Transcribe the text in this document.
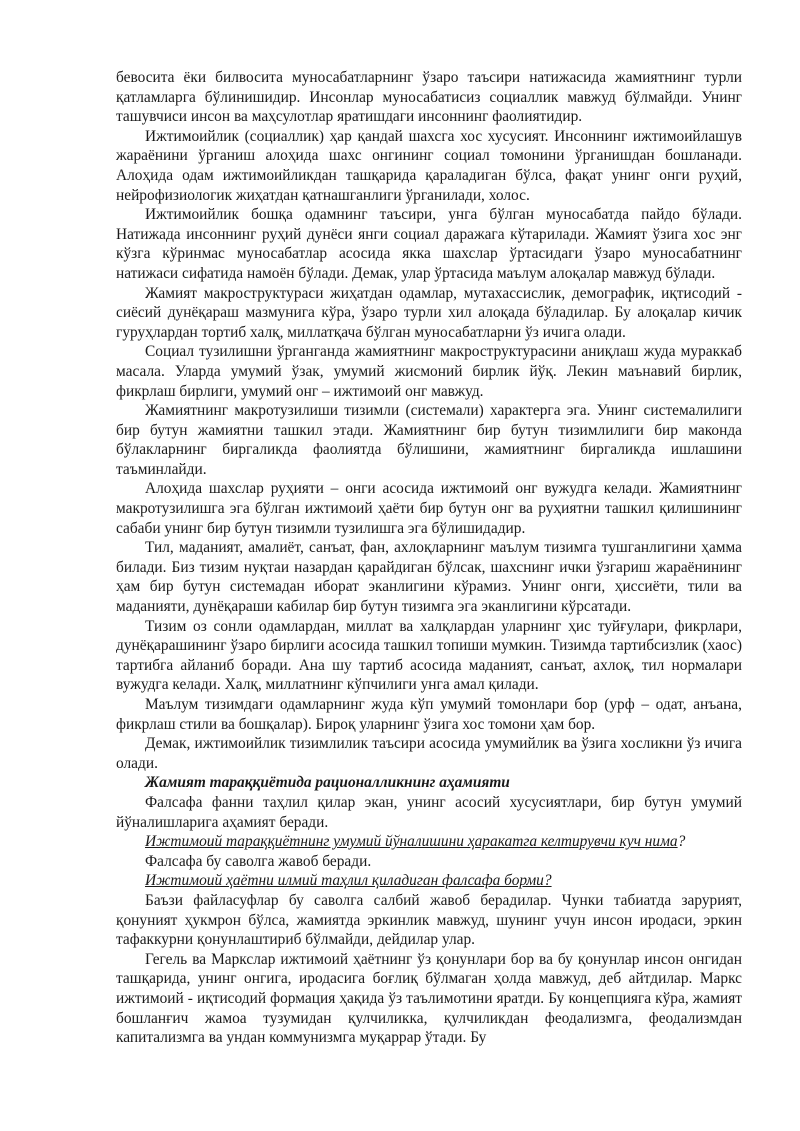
бевосита ёки билвосита муносабатларнинг ўзаро таъсири натижасида жамиятнинг турли қатламларга бўлинишидир. Инсонлар муносабатисиз социаллик мавжуд бўлмайди. Унинг ташувчиси инсон ва маҳсулотлар яратишдаги инсоннинг фаолиятидир.

Ижтимоийлик (социаллик) ҳар қандай шахсга хос хусусият. Инсоннинг ижтимоийлашув жараёнини ўрганиш алоҳида шахс онгининг социал томонини ўрганишдан бошланади. Алоҳида одам ижтимоийликдан ташқарида қараладиган бўлса, фақат унинг онги руҳий, нейрофизиологик жиҳатдан қатнашганлиги ўрганилади, холос.

Ижтимоийлик бошқа одамнинг таъсири, унга бўлган муносабатда пайдо бўлади. Натижада инсоннинг руҳий дунёси янги социал даражага кўтарилади. Жамият ўзига хос энг кўзга кўринмас муносабатлар асосида якка шахслар ўртасидаги ўзаро муносабатнинг натижаси сифатида намоён бўлади. Демак, улар ўртасида маълум алоқалар мавжуд бўлади.

Жамият макроструктураси жиҳатдан одамлар, мутахассислик, демографик, иқтисодий - сиёсий дунёқараш мазмунига кўра, ўзаро турли хил алоқада бўладилар. Бу алоқалар кичик гуруҳлардан тортиб халқ, миллатқача бўлган муносабатларни ўз ичига олади.

Социал тузилишни ўрганганда жамиятнинг макроструктурасини аниқлаш жуда мураккаб масала. Уларда умумий ўзак, умумий жисмоний бирлик йўқ. Лекин маънавий бирлик, фикрлаш бирлиги, умумий онг – ижтимоий онг мавжуд.

Жамиятнинг макротузилиши тизимли (системали) характерга эга. Унинг системалилиги бир бутун жамиятни ташкил этади. Жамиятнинг бир бутун тизимлилиги бир маконда бўлакларнинг биргаликда фаолиятда бўлишини, жамиятнинг биргаликда ишлашини таъминлайди.

Алоҳида шахслар руҳияти – онги асосида ижтимоий онг вужудга келади. Жамиятнинг макротузилишга эга бўлган ижтимоий ҳаёти бир бутун онг ва руҳиятни ташкил қилишининг сабаби унинг бир бутун тизимли тузилишга эга бўлишидадир.

Тил, маданият, амалиёт, санъат, фан, ахлоқларнинг маълум тизимга тушганлигини ҳамма билади. Биз тизим нуқтаи назардан қарайдиган бўлсак, шахснинг ички ўзгариш жараёнининг ҳам бир бутун системадан иборат эканлигини кўрамиз. Унинг онги, ҳиссиёти, тили ва маданияти, дунёқараши кабилар бир бутун тизимга эга эканлигини кўрсатади.

Тизим оз сонли одамлардан, миллат ва халқлардан уларнинг ҳис туйғулари, фикрлари, дунёқарашининг ўзаро бирлиги асосида ташкил топиши мумкин. Тизимда тартибсизлик (хаос) тартибга айланиб боради. Ана шу тартиб асосида маданият, санъат, ахлоқ, тил нормалари вужудга келади. Халқ, миллатнинг кўпчилиги унга амал қилади.

Маълум тизимдаги одамларнинг жуда кўп умумий томонлари бор (урф – одат, анъана, фикрлаш стили ва бошқалар). Бироқ уларнинг ўзига хос томони ҳам бор.

Демак, ижтимоийлик тизимлилик таъсири асосида умумийлик ва ўзига хосликни ўз ичига олади.

Жамият тараққиётида рационалликнинг аҳамияти

Фалсафа фанни таҳлил қилар экан, унинг асосий хусусиятлари, бир бутун умумий йўналишларига аҳамият беради.

Ижтимоий тараққиётнинг умумий йўналишини ҳаракатга келтирувчи куч нима?

Фалсафа бу саволга жавоб беради.

Ижтимоий ҳаётни илмий таҳлил қиладиган фалсафа борми?

Баъзи файласуфлар бу саволга салбий жавоб берадилар. Чунки табиатда зарурият, қонуният ҳукмрон бўлса, жамиятда эркинлик мавжуд, шунинг учун инсон иродаси, эркин тафаккурни қонунлаштириб бўлмайди, дейдилар улар.

Гегель ва Маркслар ижтимоий ҳаётнинг ўз қонунлари бор ва бу қонунлар инсон онгидан ташқарида, унинг онгига, иродасига боғлиқ бўлмаган ҳолда мавжуд, деб айтдилар. Маркс ижтимоий - иқтисодий формация ҳақида ўз таълимотини яратди. Бу концепцияга кўра, жамият бошланғич жамоа тузумидан қулчиликка, қулчиликдан феодализмга, феодализмдан капитализмга ва ундан коммунизмга муқаррар ўтади. Бу
